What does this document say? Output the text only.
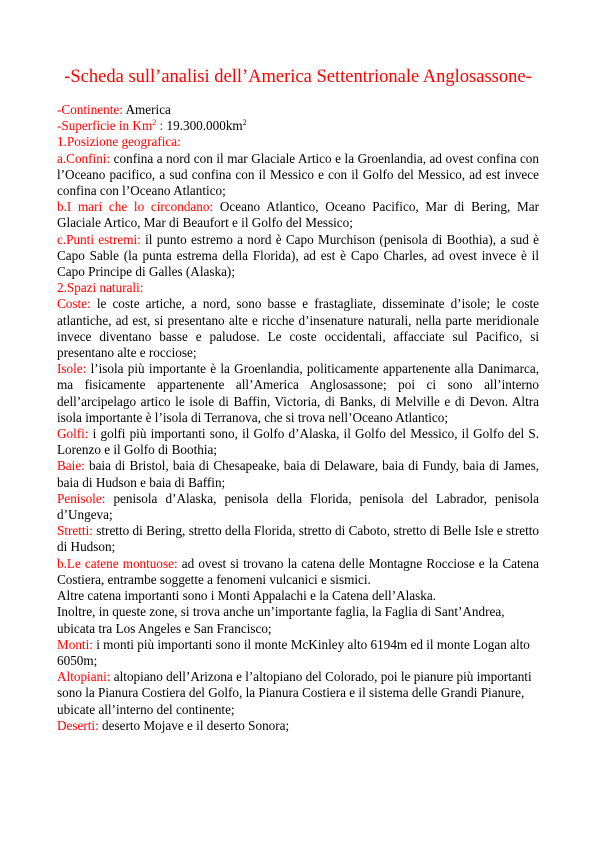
-Scheda sull’analisi dell’America Settentrionale Anglosassone-
-Continente: America
-Superficie in Km$^2$ : $19.300.000km^2$
1.Posizione geografica:
a.Confini: confina a nord con il mar Glaciale Artico e la Groenlandia, ad ovest confina con l’Oceano pacifico, a sud confina con il Messico e con il Golfo del Messico, ad est invece confina con l’Oceano Atlantico;
b.I mari che lo circondano: Oceano Atlantico, Oceano Pacifico, Mar di Bering, Mar Glaciale Artico, Mar di Beaufort e il Golfo del Messico;
c.Punti estremi: il punto estremo a nord è Capo Murchison (penisola di Boothia), a sud è Capo Sable (la punta estrema della Florida), ad est è Capo Charles, ad ovest invece è il Capo Principe di Galles (Alaska);
2.Spazi naturali:
Coste: le coste artiche, a nord, sono basse e frastagliate, disseminate d’isole; le coste atlantiche, ad est, si presentano alte e ricche d’insenature naturali, nella parte meridionale invece diventano basse e paludose. Le coste occidentali, affacciate sul Pacifico, si presentano alte e rocciose;
Isole: l’isola più importante è la Groenlandia, politicamente appartenente alla Danimarca, ma fisicamente appartenente all’America Anglosassone; poi ci sono all’interno dell’arcipelago artico le isole di Baffin, Victoria, di Banks, di Melville e di Devon. Altra isola importante è l’isola di Terranova, che si trova nell’Oceano Atlantico;
Golfi: i golfi più importanti sono, il Golfo d’Alaska, il Golfo del Messico, il Golfo del S. Lorenzo e il Golfo di Boothia;
Baie: baia di Bristol, baia di Chesapeake, baia di Delaware, baia di Fundy, baia di James, baia di Hudson e baia di Baffin;
Penisole: penisola d’Alaska, penisola della Florida, penisola del Labrador, penisola d’Ungeva;
Stretti: stretto di Bering, stretto della Florida, stretto di Caboto, stretto di Belle Isle e stretto di Hudson;
b.Le catene montuose: ad ovest si trovano la catena delle Montagne Rocciose e la Catena Costiera, entrambe soggette a fenomeni vulcanici e sismici.
Altre catena importanti sono i Monti Appalachi e la Catena dell’Alaska.
Inoltre, in queste zone, si trova anche un’importante faglia, la Faglia di Sant’Andrea, ubicata tra Los Angeles e San Francisco;
Monti: i monti più importanti sono il monte McKinley alto 6194m ed il monte Logan alto 6050m;
Altopiani: altopiano dell’Arizona e l’altopiano del Colorado, poi le pianure più importanti sono la Pianura Costiera del Golfo, la Pianura Costiera e il sistema delle Grandi Pianure, ubicate all’interno del continente;
Deserti: deserto Mojave e il deserto Sonora;
